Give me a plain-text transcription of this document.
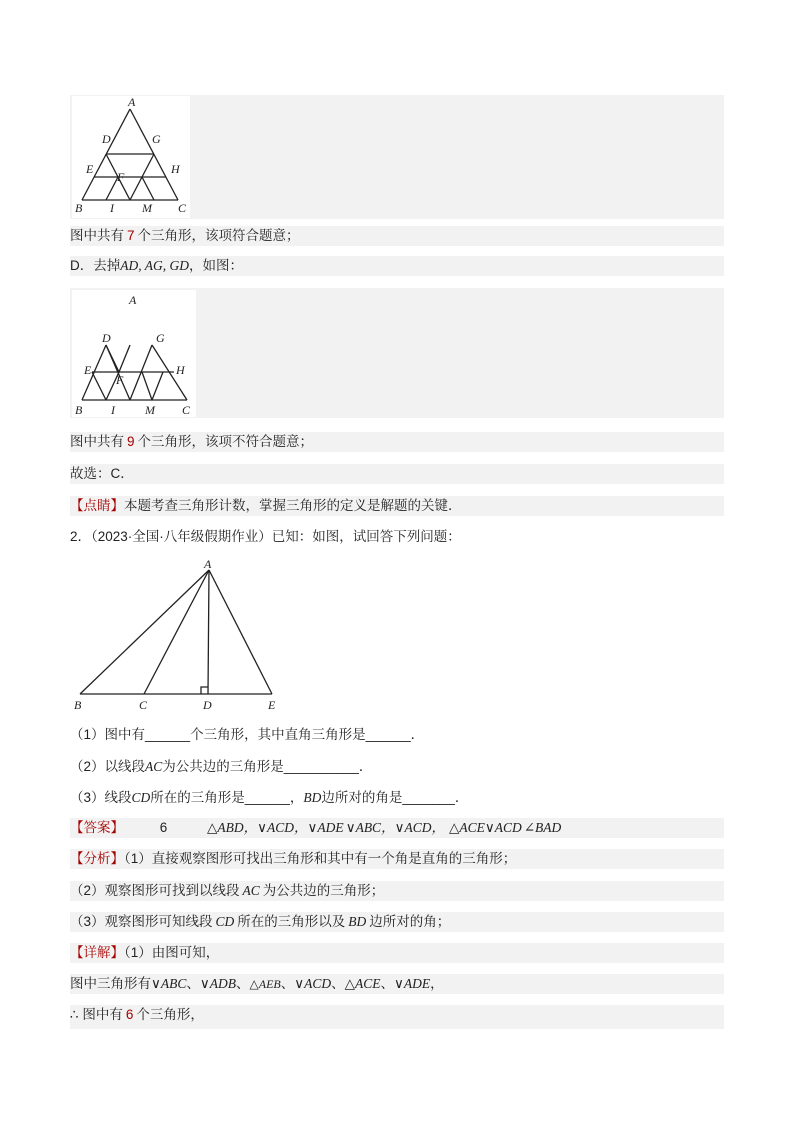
A
D	G
E
F
H
B I M C
图中共有 7 个三角形，该项符合题意；
D．去掉AD, AG, GD，如图：
A
D	G
E
F
H
B I	M C
图中共有 9 个三角形，该项不符合题意；
故选：C．
【点睛】本题考查三角形计数，掌握三角形的定义是解题的关键．
2．（2023·全国·八年级假期作业）已知：如图，试回答下列问题：
A
B	C	D	E
（1）图中有______个三角形，其中直角三角形是______．
（2）以线段AC为公共边的三角形是__________．
（3）线段CD所在的三角形是______，BD边所对的角是_______．
【答案】	6	△ABD，∨ACD，∨ADE ∨ABC，∨ACD， △ACE∨ACD ∠BAD
【分析】（1）直接观察图形可找出三角形和其中有一个角是直角的三角形；
（2）观察图形可找到以线段 AC 为公共边的三角形；
（3）观察图形可知线段 CD 所在的三角形以及 BD 边所对的角；
【详解】（1）由图可知，
图中三角形有∨ABC、∨ADB、△AEB、∨ACD、△ACE、∨ADE，
∴ 图中有 6 个三角形，
